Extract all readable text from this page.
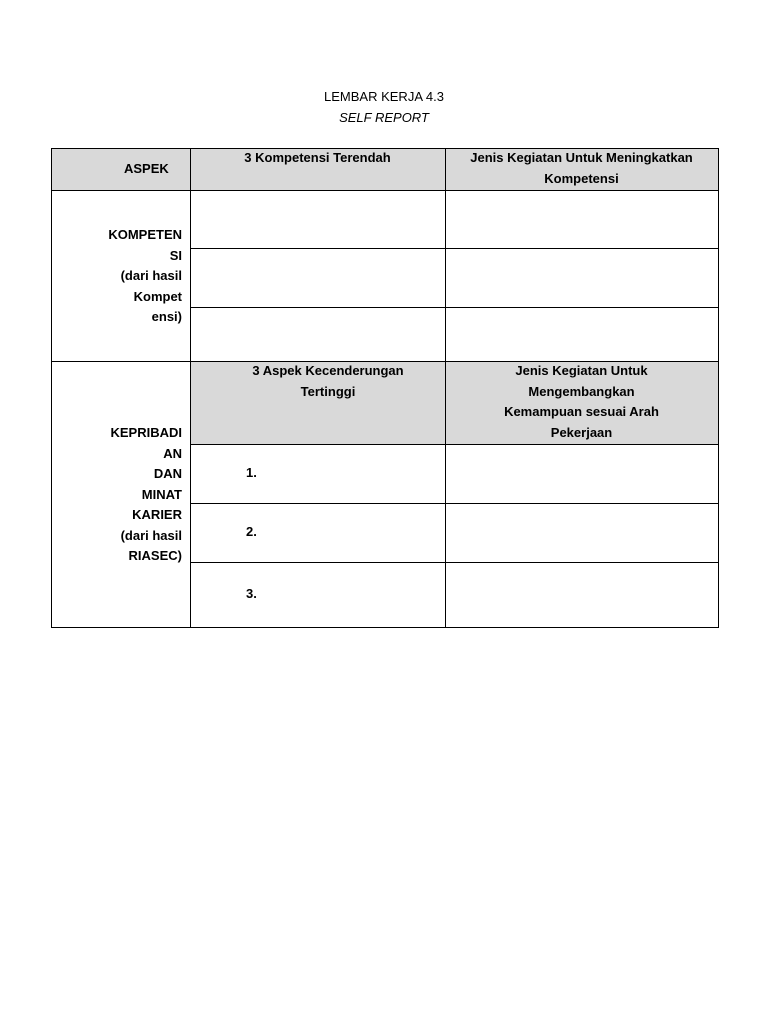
LEMBAR KERJA 4.3
SELF REPORT
ASPEK
3 Kompetensi Terendah	Jenis Kegiatan Untuk Meningkatkan
Kompetensi
KOMPETEN
SI
(dari hasil
Kompet
ensi)
KEPRIBADI
AN
DAN
MINAT
KARIER
(dari hasil
RIASEC)
3 Aspek Kecenderungan
Tertinggi
Jenis Kegiatan Untuk
Mengembangkan
Kemampuan sesuai Arah
Pekerjaan
1.
2.
3.
